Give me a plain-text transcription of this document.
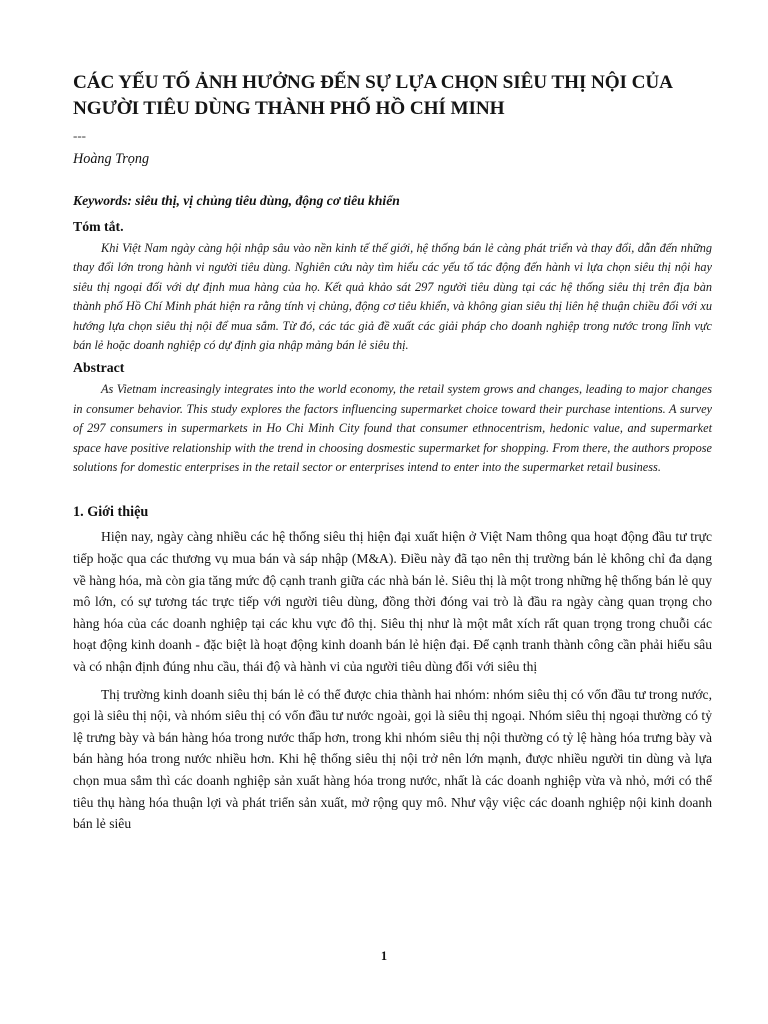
CÁC YẾU TỐ ẢNH HƯỞNG ĐẾN SỰ LỰA CHỌN SIÊU THỊ NỘI CỦA NGƯỜI TIÊU DÙNG THÀNH PHỐ HỒ CHÍ MINH
---
Hoàng Trọng
Keywords: siêu thị, vị chủng tiêu dùng, động cơ tiêu khiển
Tóm tắt.

Khi Việt Nam ngày càng hội nhập sâu vào nền kinh tế thế giới, hệ thống bán lẻ càng phát triển và thay đổi, dẫn đến những thay đổi lớn trong hành vi người tiêu dùng. Nghiên cứu này tìm hiểu các yếu tố tác động đến hành vi lựa chọn siêu thị nội hay siêu thị ngoại đối với dự định mua hàng của họ. Kết quả khảo sát 297 người tiêu dùng tại các hệ thống siêu thị trên địa bàn thành phố Hồ Chí Minh phát hiện ra rằng tính vị chủng, động cơ tiêu khiển, và không gian siêu thị liên hệ thuận chiều đối với xu hướng lựa chọn siêu thị nội để mua sắm. Từ đó, các tác giả đề xuất các giải pháp cho doanh nghiệp trong nước trong lĩnh vực bán lẻ hoặc doanh nghiệp có dự định gia nhập mảng bán lẻ siêu thị.

Abstract

As Vietnam increasingly integrates into the world economy, the retail system grows and changes, leading to major changes in consumer behavior. This study explores the factors influencing supermarket choice toward their purchase intentions. A survey of 297 consumers in supermarkets in Ho Chi Minh City found that consumer ethnocentrism, hedonic value, and supermarket space have positive relationship with the trend in choosing dosmestic supermarket for shopping. From there, the authors propose solutions for domestic enterprises in the retail sector or enterprises intend to enter into the supermarket retail business.

1. Giới thiệu

Hiện nay, ngày càng nhiều các hệ thống siêu thị hiện đại xuất hiện ở Việt Nam thông qua hoạt động đầu tư trực tiếp hoặc qua các thương vụ mua bán và sáp nhập (M&A). Điều này đã tạo nên thị trường bán lẻ không chỉ đa dạng về hàng hóa, mà còn gia tăng mức độ cạnh tranh giữa các nhà bán lẻ. Siêu thị là một trong những hệ thống bán lẻ quy mô lớn, có sự tương tác trực tiếp với người tiêu dùng, đồng thời đóng vai trò là đầu ra ngày càng quan trọng cho hàng hóa của các doanh nghiệp tại các khu vực đô thị. Siêu thị như là một mắt xích rất quan trọng trong chuỗi các hoạt động kinh doanh - đặc biệt là hoạt động kinh doanh bán lẻ hiện đại. Để cạnh tranh thành công cần phải hiểu sâu và có nhận định đúng nhu cầu, thái độ và hành vi của người tiêu dùng đối với siêu thị

Thị trường kinh doanh siêu thị bán lẻ có thể được chia thành hai nhóm: nhóm siêu thị có vốn đầu tư trong nước, gọi là siêu thị nội, và nhóm siêu thị có vốn đầu tư nước ngoài, gọi là siêu thị ngoại. Nhóm siêu thị ngoại thường có tỷ lệ trưng bày và bán hàng hóa trong nước thấp hơn, trong khi nhóm siêu thị nội thường có tỷ lệ hàng hóa trưng bày và bán hàng hóa trong nước nhiều hơn. Khi hệ thống siêu thị nội trở nên lớn mạnh, được nhiều người tin dùng và lựa chọn mua sắm thì các doanh nghiệp sản xuất hàng hóa trong nước, nhất là các doanh nghiệp vừa và nhỏ, mới có thể tiêu thụ hàng hóa thuận lợi và phát triển sản xuất, mở rộng quy mô. Như vậy việc các doanh nghiệp nội kinh doanh bán lẻ siêu

1
